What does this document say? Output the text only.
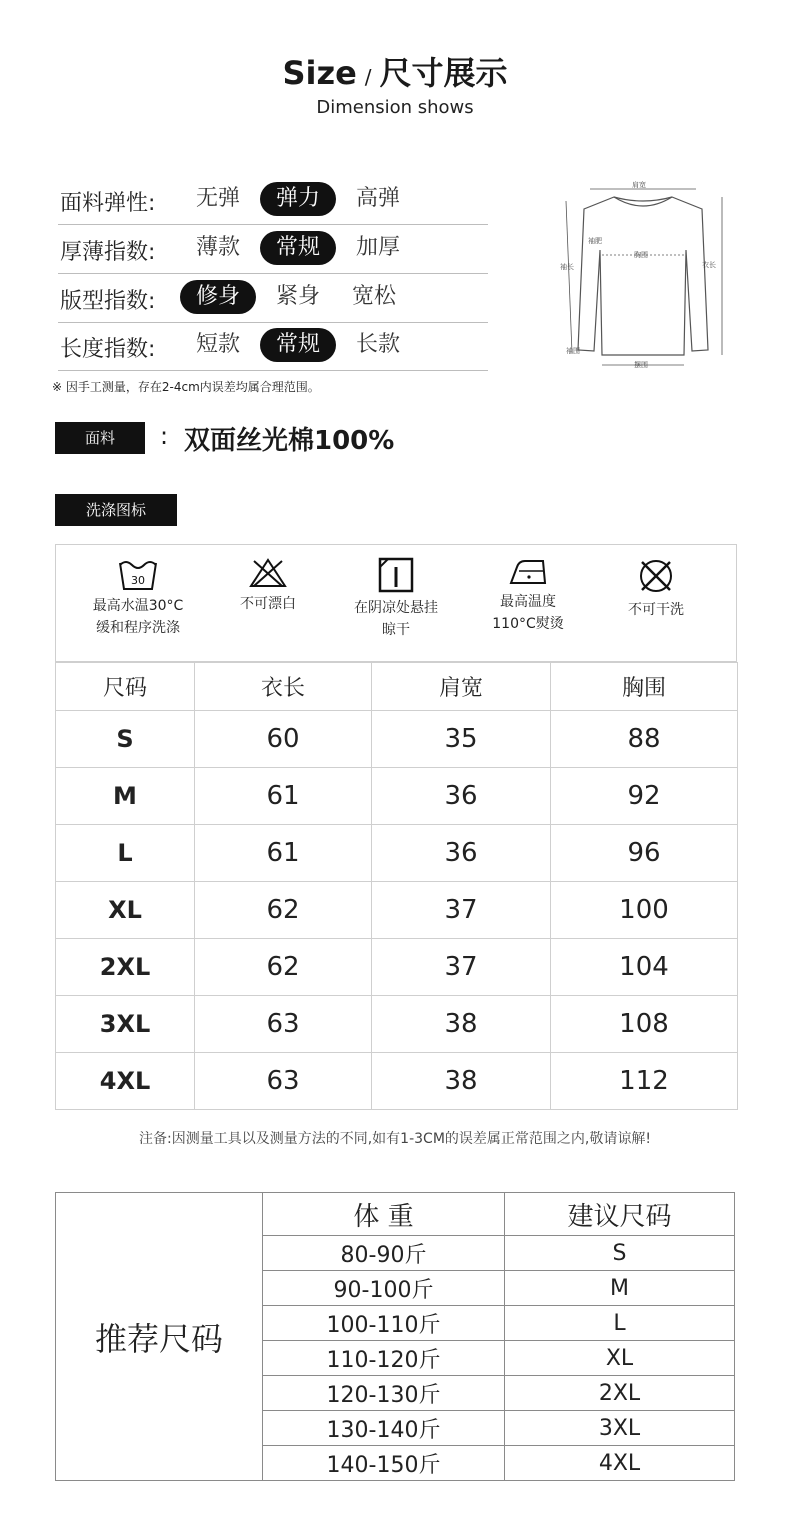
Size / 尺寸展示
Dimension shows
面料弹性:	无弹	弹力	高弹
厚薄指数:	薄款	常规	加厚
版型指数:	修身	紧身	宽松
长度指数:	短款	常规	长款
※ 因手工测量，存在2-4cm内误差均属合理范围。
肩宽
胸围
衣长
袖长
袖肥
袖围
摆围
面料	: 双面丝光棉100%
洗涤图标
30
最高水温30°C
缓和程序洗涤
不可漂白	在阴凉处悬挂
晾干
最高温度
110°C熨烫
不可干洗
尺码	衣长	肩宽	胸围
S	60	35	88
M	61	36	92
L	61	36	96
XL	62	37	100
2XL	62	37	104
3XL	63	38	108
4XL	63	38	112
注备:因测量工具以及测量方法的不同,如有1-3CM的误差属正常范围之内,敬请谅解!
推荐尺码	体 重	建议尺码
	80-90斤	S
	90-100斤	M
	100-110斤	L
	110-120斤	XL
	120-130斤	2XL
	130-140斤	3XL
	140-150斤	4XL
